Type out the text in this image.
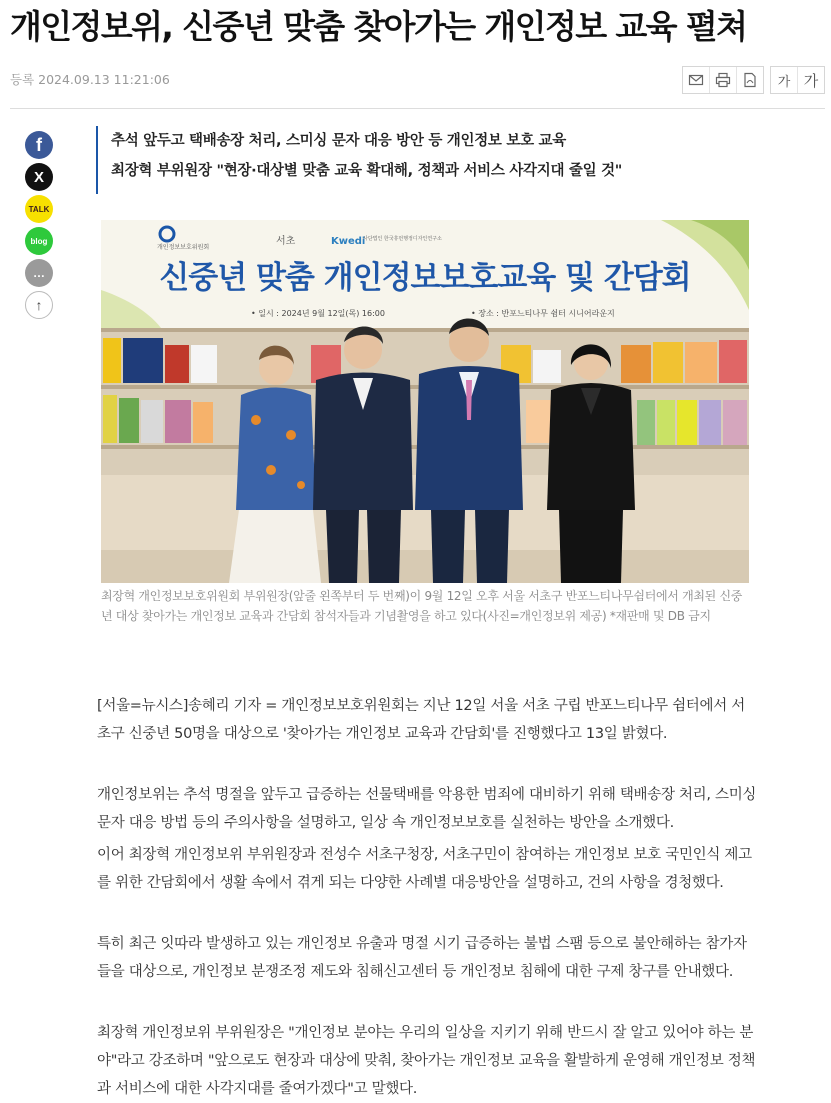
개인정보위, 신중년 맞춤 찾아가는 개인정보 교육 펼쳐
등록 2024.09.13 11:21:06	가 가
f
X
TALK
blog
…
↑
추석 앞두고 택배송장 처리, 스미싱 문자 대응 방안 등 개인정보 보호 교육
최장혁 부위원장 "현장·대상별 맞춤 교육 확대해, 정책과 서비스 사각지대 줄일 것"
개인정보보호위원회
서초	Kwedi
사단법인 한국휴먼행정디자인연구소
신중년 맞춤 개인정보보호교육 및 간담회
• 일시 : 2024년 9월 12일(목) 16:00	• 장소 : 반포느티나무 쉼터 시니어라운지
최장혁 개인정보보호위원회 부위원장(앞줄 왼쪽부터 두 번째)이 9월 12일 오후 서울 서초구 반포느티나무쉼터에서 개최된 신중년 대상 찾아가는 개인정보 교육과 간담회 참석자들과 기념촬영을 하고 있다(사진=개인정보위 제공) *재판매 및 DB 금지

[서울=뉴시스]송혜리 기자 = 개인정보보호위원회는 지난 12일 서울 서초 구립 반포느티나무 쉼터에서 서초구 신중년 50명을 대상으로 '찾아가는 개인정보 교육과 간담회'를 진행했다고 13일 밝혔다.

개인정보위는 추석 명절을 앞두고 급증하는 선물택배를 악용한 범죄에 대비하기 위해 택배송장 처리, 스미싱 문자 대응 방법 등의 주의사항을 설명하고, 일상 속 개인정보보호를 실천하는 방안을 소개했다.

이어 최장혁 개인정보위 부위원장과 전성수 서초구청장, 서초구민이 참여하는 개인정보 보호 국민인식 제고를 위한 간담회에서 생활 속에서 겪게 되는 다양한 사례별 대응방안을 설명하고, 건의 사항을 경청했다.

특히 최근 잇따라 발생하고 있는 개인정보 유출과 명절 시기 급증하는 불법 스팸 등으로 불안해하는 참가자들을 대상으로, 개인정보 분쟁조정 제도와 침해신고센터 등 개인정보 침해에 대한 구제 창구를 안내했다.

최장혁 개인정보위 부위원장은 "개인정보 분야는 우리의 일상을 지키기 위해 반드시 잘 알고 있어야 하는 분야"라고 강조하며 "앞으로도 현장과 대상에 맞춰, 찾아가는 개인정보 교육을 활발하게 운영해 개인정보 정책과 서비스에 대한 사각지대를 줄여가겠다"고 말했다.
